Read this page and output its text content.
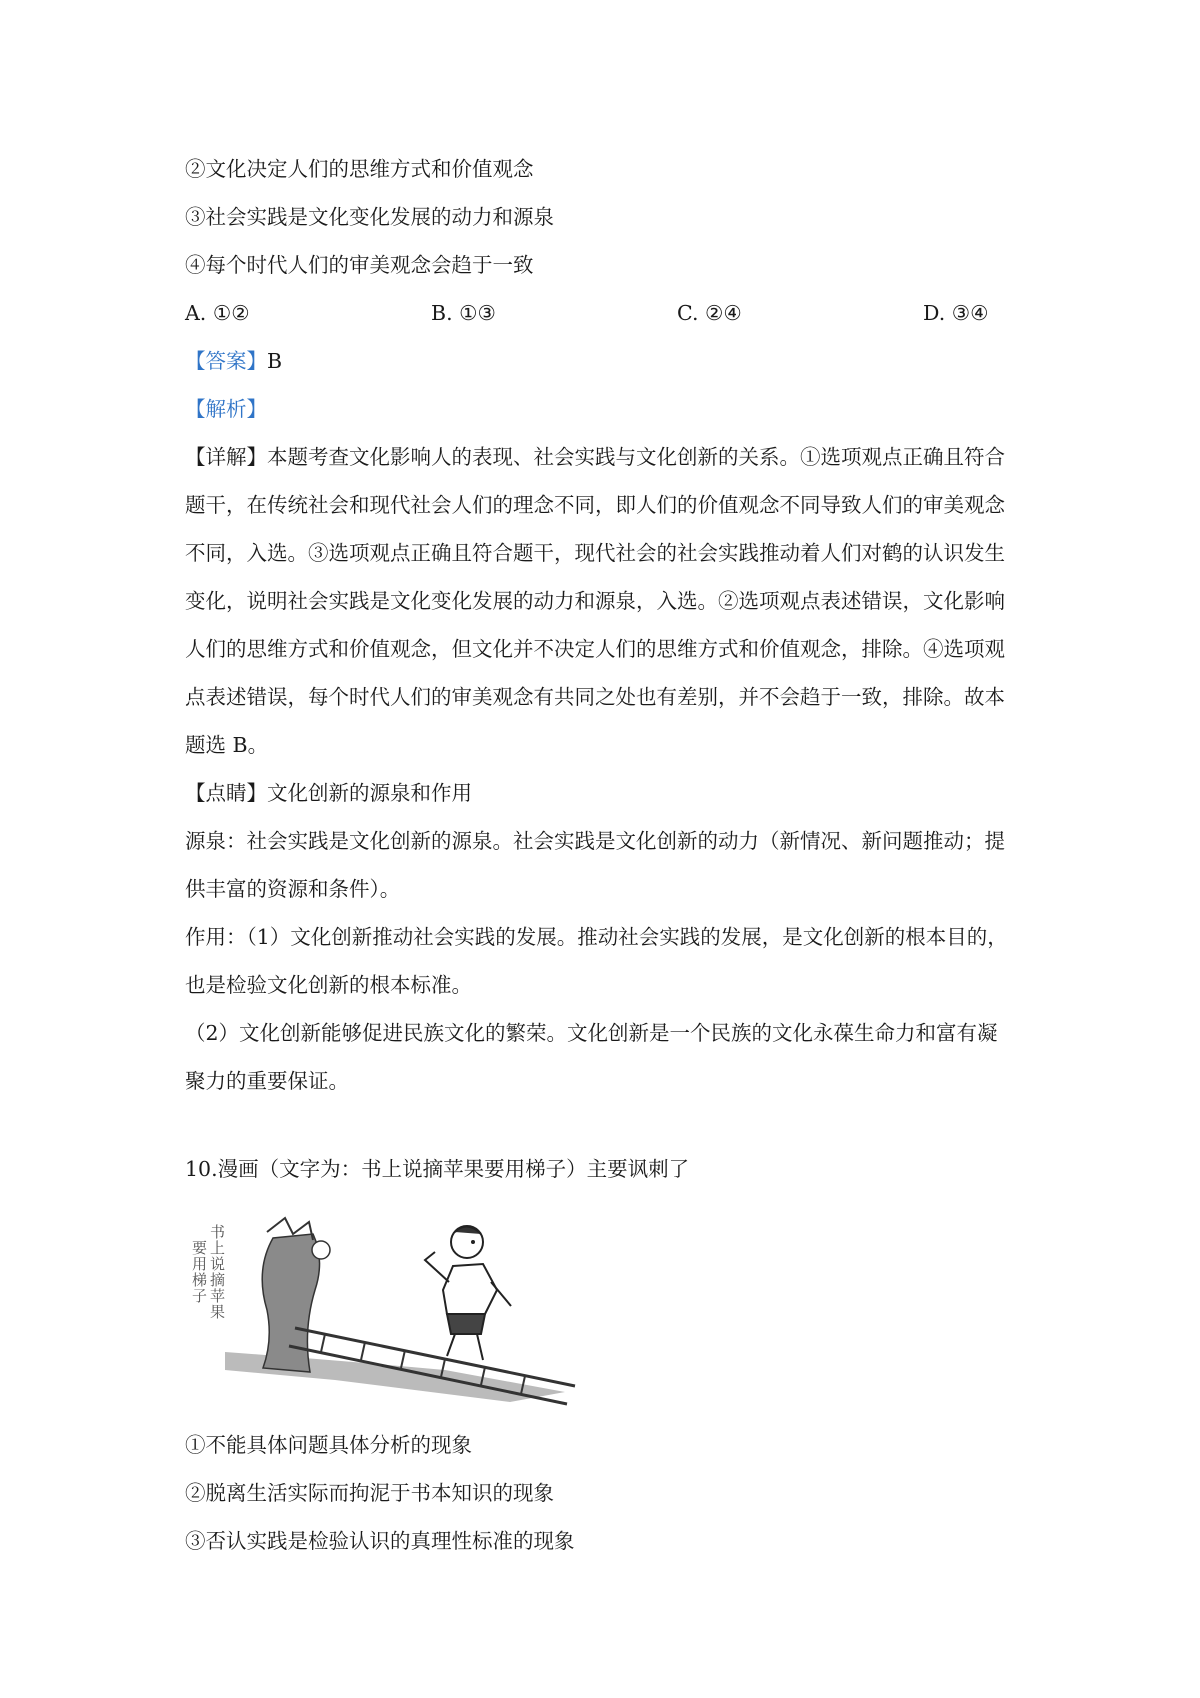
②文化决定人们的思维方式和价值观念

③社会实践是文化变化发展的动力和源泉

④每个时代人们的审美观念会趋于一致

A. ①②	B. ①③	C. ②④	D. ③④

【答案】B

【解析】

【详解】本题考查文化影响人的表现、社会实践与文化创新的关系。①选项观点正确且符合

题干，在传统社会和现代社会人们的理念不同，即人们的价值观念不同导致人们的审美观念

不同，入选。③选项观点正确且符合题干，现代社会的社会实践推动着人们对鹤的认识发生

变化，说明社会实践是文化变化发展的动力和源泉，入选。②选项观点表述错误，文化影响

人们的思维方式和价值观念，但文化并不决定人们的思维方式和价值观念，排除。④选项观

点表述错误，每个时代人们的审美观念有共同之处也有差别，并不会趋于一致，排除。故本

题选 B。

【点睛】文化创新的源泉和作用

源泉：社会实践是文化创新的源泉。社会实践是文化创新的动力（新情况、新问题推动；提

供丰富的资源和条件）。

作用：（1）文化创新推动社会实践的发展。推动社会实践的发展，是文化创新的根本目的，

也是检验文化创新的根本标准。

（2）文化创新能够促进民族文化的繁荣。文化创新是一个民族的文化永葆生命力和富有凝

聚力的重要保证。

10.漫画（文字为：书上说摘苹果要用梯子）主要讽刺了

书上说摘苹果
要用梯子

①不能具体问题具体分析的现象

②脱离生活实际而拘泥于书本知识的现象

③否认实践是检验认识的真理性标准的现象
